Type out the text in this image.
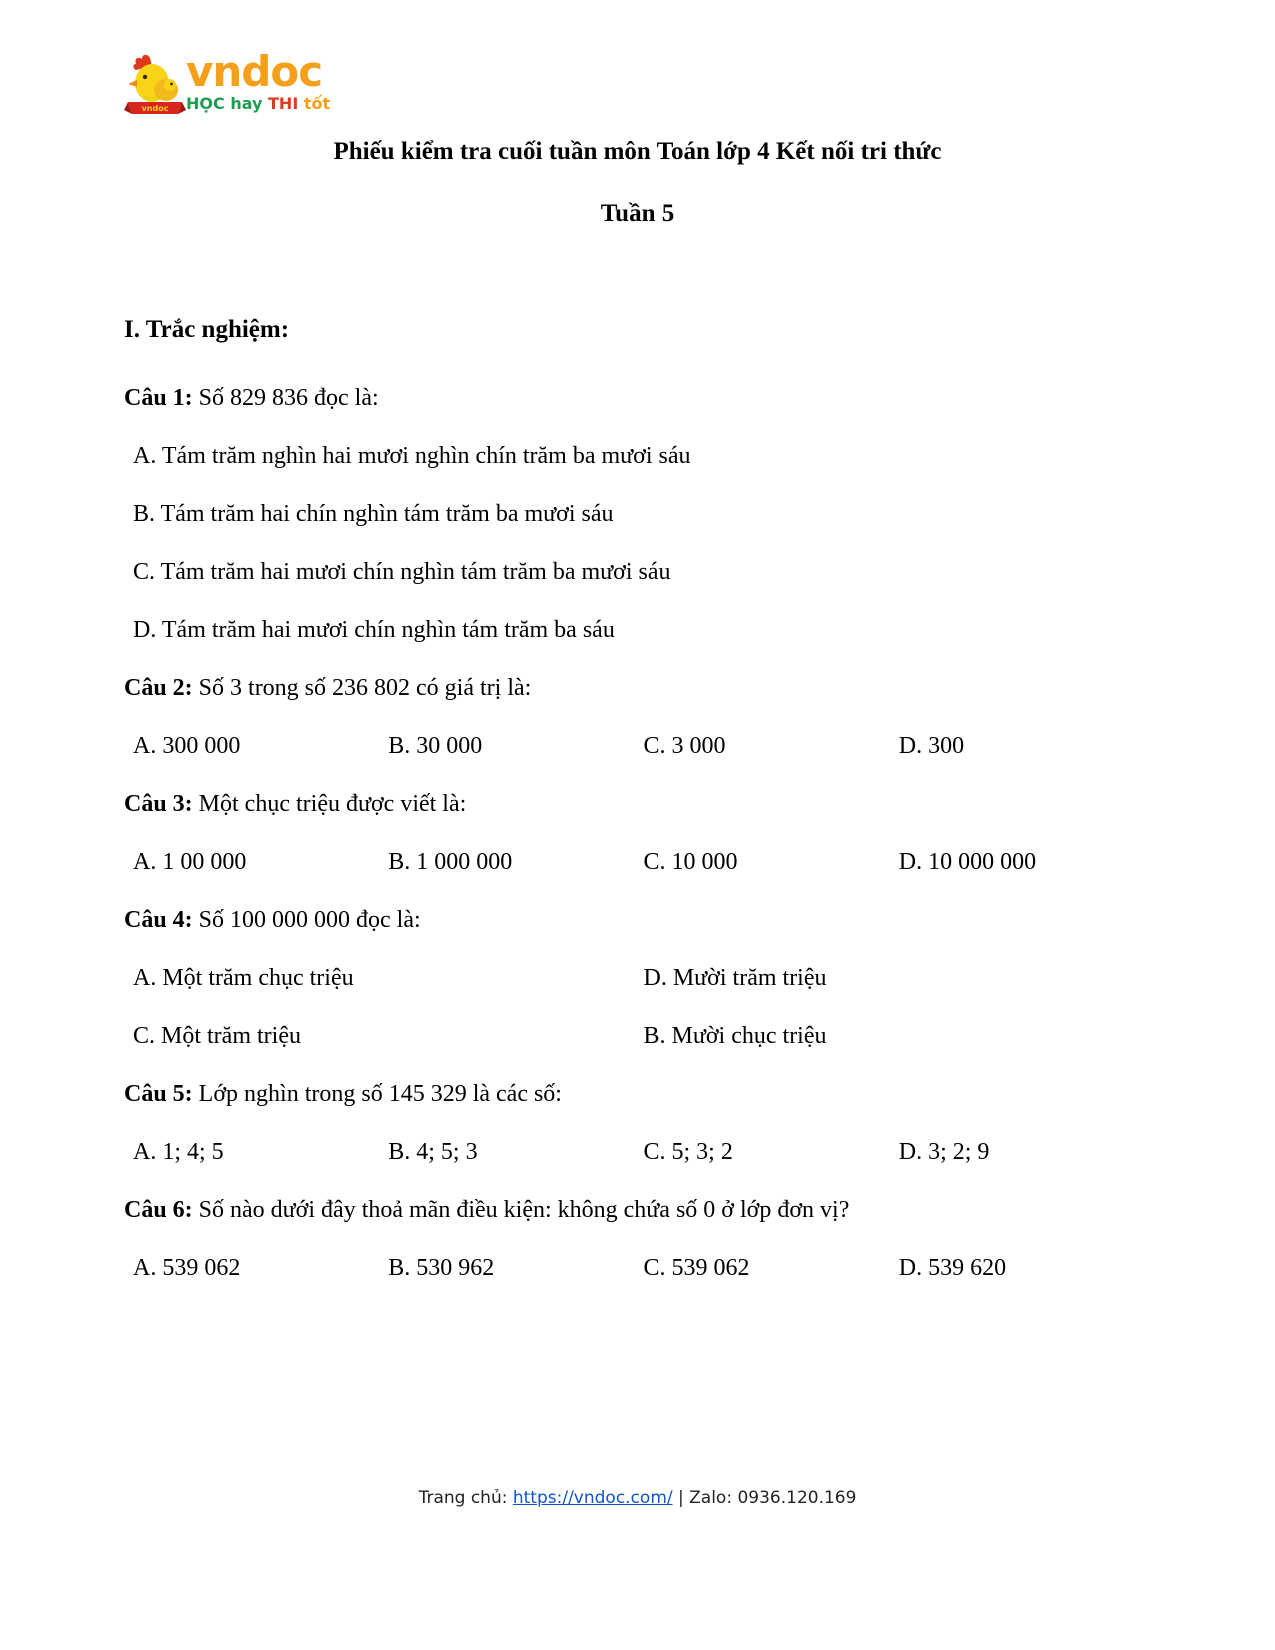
vndoc
vndoc
HỌC hay THI tốt
Phiếu kiểm tra cuối tuần môn Toán lớp 4 Kết nối tri thức
Tuần 5
I. Trắc nghiệm:

Câu 1: Số 829 836 đọc là:

A. Tám trăm nghìn hai mươi nghìn chín trăm ba mươi sáu

B. Tám trăm hai chín nghìn tám trăm ba mươi sáu

C. Tám trăm hai mươi chín nghìn tám trăm ba mươi sáu

D. Tám trăm hai mươi chín nghìn tám trăm ba sáu

Câu 2: Số 3 trong số 236 802 có giá trị là:

A. 300 000	B. 30 000	C. 3 000	D. 300

Câu 3: Một chục triệu được viết là:

A. 1 00 000	B. 1 000 000	C. 10 000	D. 10 000 000

Câu 4: Số 100 000 000 đọc là:

A. Một trăm chục triệu	D. Mười trăm triệu
C. Một trăm triệu	B. Mười chục triệu

Câu 5: Lớp nghìn trong số 145 329 là các số:

A. 1; 4; 5	B. 4; 5; 3	C. 5; 3; 2	D. 3; 2; 9

Câu 6: Số nào dưới đây thoả mãn điều kiện: không chứa số 0 ở lớp đơn vị?

A. 539 062	B. 530 962	C. 539 062	D. 539 620
Trang chủ: https://vndoc.com/ | Zalo: 0936.120.169
